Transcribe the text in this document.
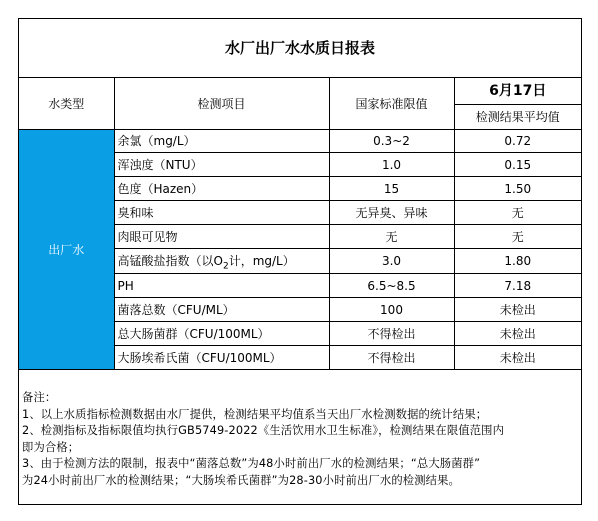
水厂出厂水水质日报表			
水类型	检测项目	国家标准限值	6月17日
			检测结果平均值
出厂水	余氯（mg/L）	0.3~2	0.72
	浑浊度（NTU）	1.0	0.15
	色度（Hazen）	15	1.50
	臭和味	无异臭、异味	无
	肉眼可见物	无	无
	高锰酸盐指数（以$O_2$计，mg/L）	3.0	1.80
	PH	6.5~8.5	7.18
	菌落总数（CFU/ML）	100	未检出
	总大肠菌群（CFU/100ML）	不得检出	未检出
	大肠埃希氏菌（CFU/100ML）	不得检出	未检出
备注：
1、以上水质指标检测数据由水厂提供，检测结果平均值系当天出厂水检测数据的统计结果；
2、检测指标及指标限值均执行GB5749-2022《生活饮用水卫生标准》，检测结果在限值范围内
即为合格；
3、由于检测方法的限制，报表中“菌落总数”为48小时前出厂水的检测结果；“总大肠菌群”
为24小时前出厂水的检测结果；“大肠埃希氏菌群”为28-30小时前出厂水的检测结果。
